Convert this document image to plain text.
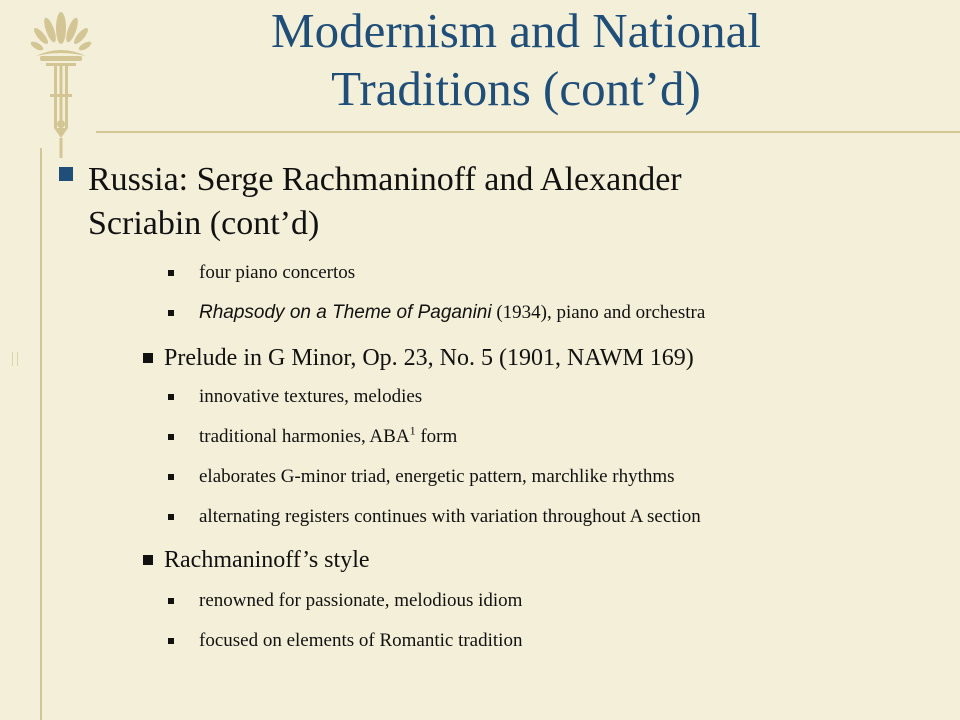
Modernism and National
Traditions (cont’d)
Russia: Serge Rachmaninoff and Alexander
Scriabin (cont’d)
four piano concertos
Rhapsody on a Theme of Paganini (1934), piano and orchestra
Prelude in G Minor, Op. 23, No. 5 (1901, NAWM 169)
innovative textures, melodies
traditional harmonies, ABA$^1$ form
elaborates G-minor triad, energetic pattern, marchlike rhythms
alternating registers continues with variation throughout A section
Rachmaninoff’s style
renowned for passionate, melodious idiom
focused on elements of Romantic tradition
